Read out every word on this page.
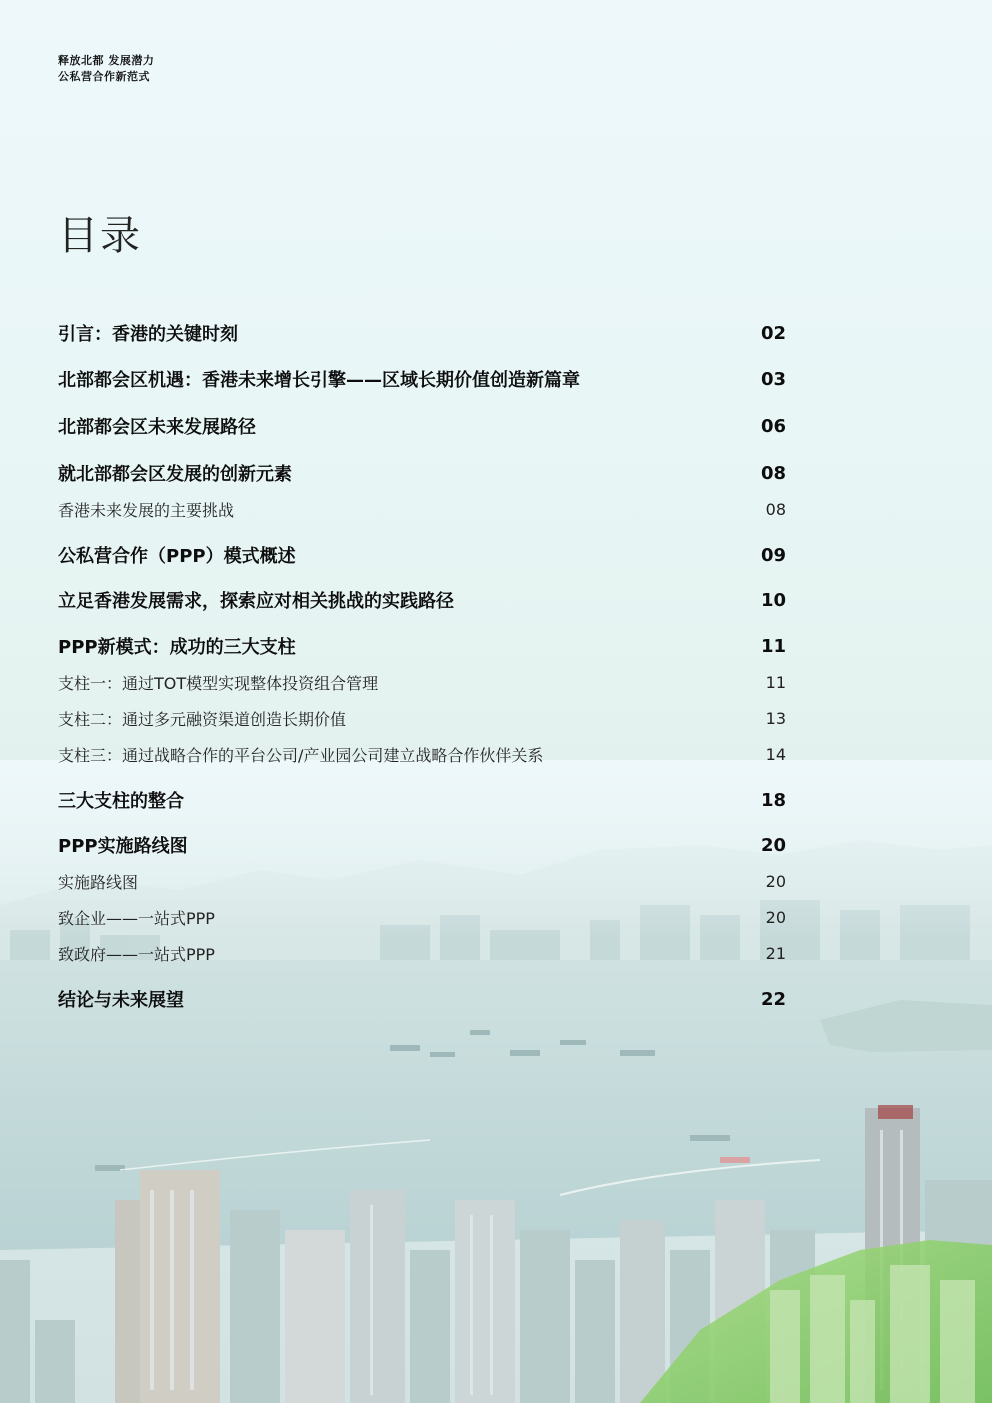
释放北都 发展潜力
公私营合作新范式
目录
引言：香港的关键时刻	02
北部都会区机遇：香港未来增长引擎——区域长期价值创造新篇章	03
北部都会区未来发展路径	06
就北部都会区发展的创新元素	08
香港未来发展的主要挑战	08
公私营合作（PPP）模式概述	09
立足香港发展需求，探索应对相关挑战的实践路径	10
PPP新模式：成功的三大支柱	11
支柱一：通过TOT模型实现整体投资组合管理	11
支柱二：通过多元融资渠道创造长期价值	13
支柱三：通过战略合作的平台公司/产业园公司建立战略合作伙伴关系	14
三大支柱的整合	18
PPP实施路线图	20
实施路线图	20
致企业——一站式PPP	20
致政府——一站式PPP	21
结论与未来展望	22
